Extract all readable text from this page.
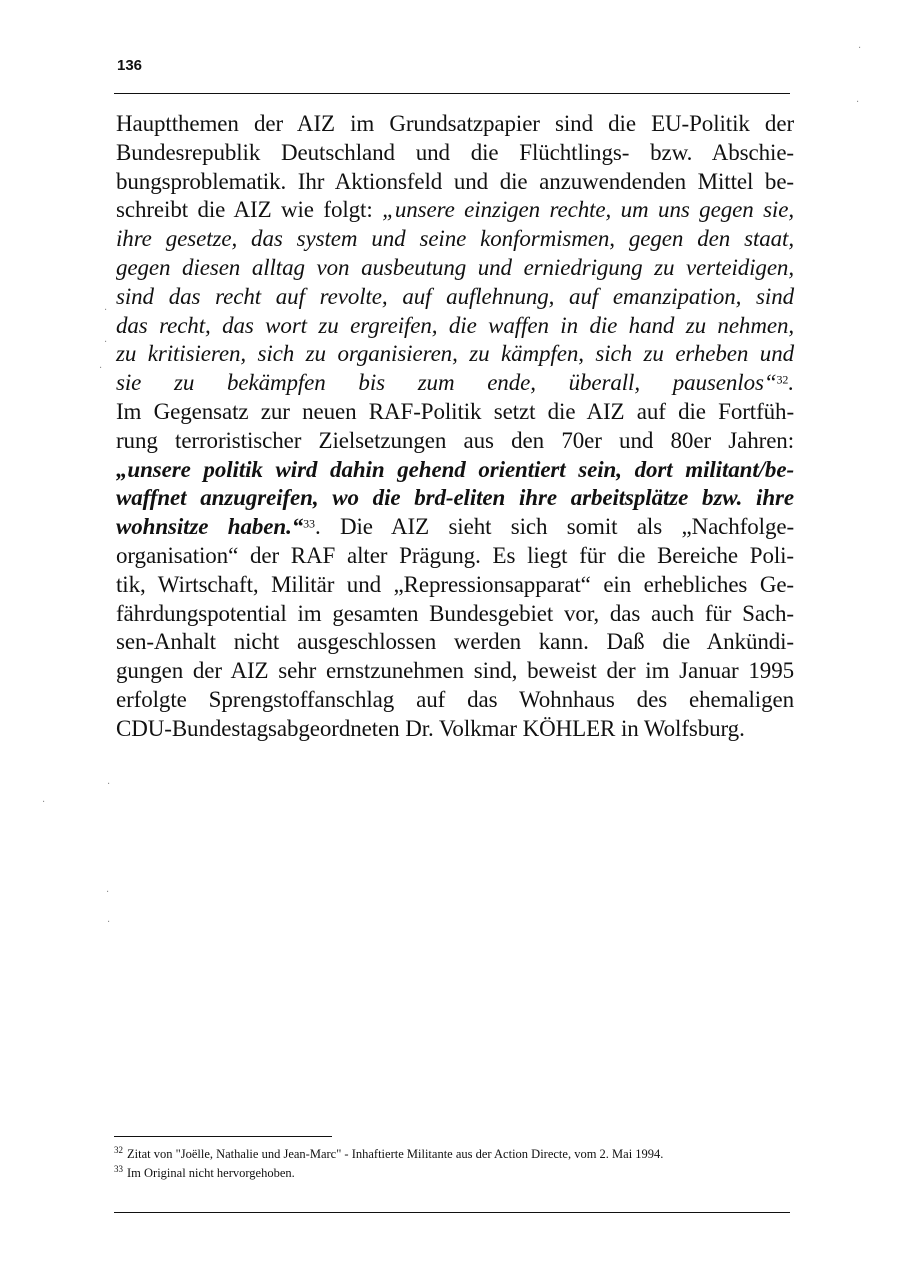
136

Hauptthemen der AIZ im Grundsatzpapier sind die EU-Politik der
Bundesrepublik Deutschland und die Flüchtlings- bzw. Abschie-
bungsproblematik. Ihr Aktionsfeld und die anzuwendenden Mittel be-
schreibt die AIZ wie folgt: „unsere einzigen rechte, um uns gegen sie,
ihre gesetze, das system und seine konformismen, gegen den staat,
gegen diesen alltag von ausbeutung und erniedrigung zu verteidigen,
sind das recht auf revolte, auf auflehnung, auf emanzipation, sind
das recht, das wort zu ergreifen, die waffen in die hand zu nehmen,
zu kritisieren, sich zu organisieren, zu kämpfen, sich zu erheben und
sie zu bekämpfen bis zum ende, überall, pausenlos“$^{32}$.
Im Gegensatz zur neuen RAF-Politik setzt die AIZ auf die Fortfüh-
rung terroristischer Zielsetzungen aus den 70er und 80er Jahren:
„unsere politik wird dahin gehend orientiert sein, dort militant/be-
waffnet anzugreifen, wo die brd-eliten ihre arbeitsplätze bzw. ihre
wohnsitze haben.“$^{33}$. Die AIZ sieht sich somit als „Nachfolge-
organisation“ der RAF alter Prägung. Es liegt für die Bereiche Poli-
tik, Wirtschaft, Militär und „Repressionsapparat“ ein erhebliches Ge-
fährdungspotential im gesamten Bundesgebiet vor, das auch für Sach-
sen-Anhalt nicht ausgeschlossen werden kann. Daß die Ankündi-
gungen der AIZ sehr ernstzunehmen sind, beweist der im Januar 1995
erfolgte Sprengstoffanschlag auf das Wohnhaus des ehemaligen
CDU-Bundestagsabgeordneten Dr. Volkmar KÖHLER in Wolfsburg.

$^{32}$ Zitat von "Joëlle, Nathalie und Jean-Marc" - Inhaftierte Militante aus der Action Directe, vom 2. Mai 1994.
$^{33}$ Im Original nicht hervorgehoben.
·
·
·
·
·
·
·
·
·
